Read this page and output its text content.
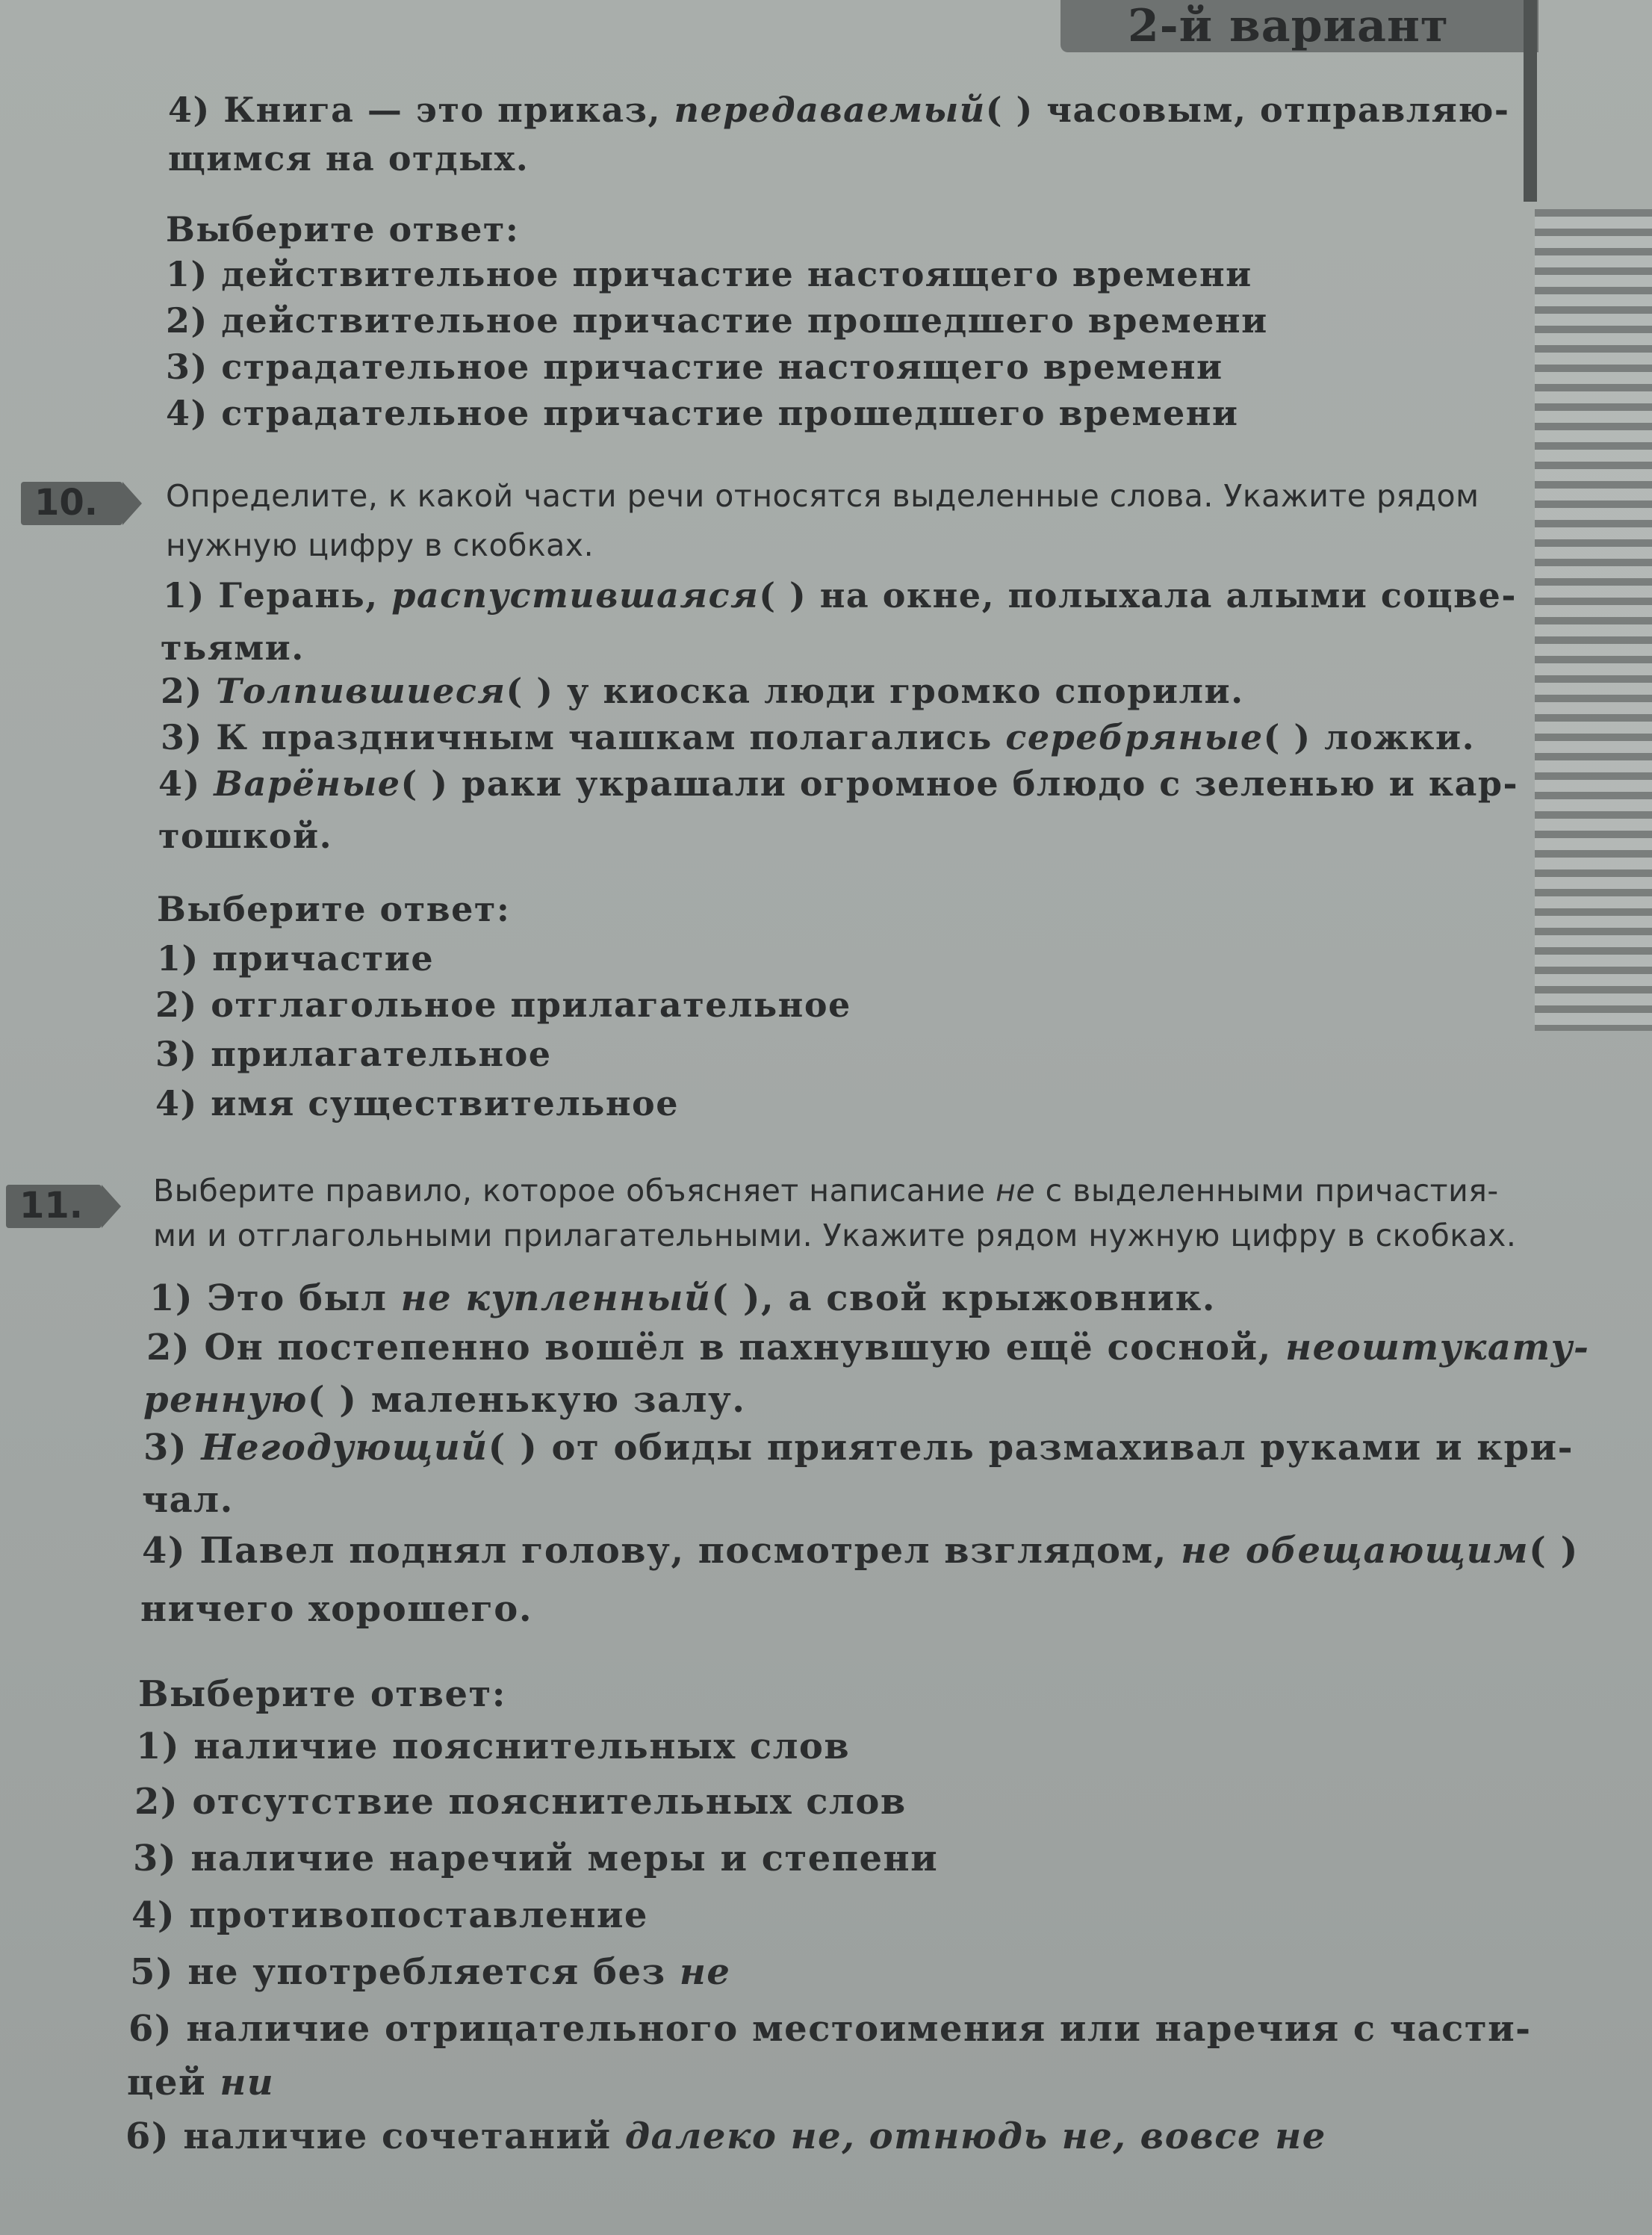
2-й вариант
4) Книга — это приказ, передаваемый( ) часовым, отправляю-
щимся на отдых.
Выберите ответ:
1) действительное причастие настоящего времени
2) действительное причастие прошедшего времени
3) страдательное причастие настоящего времени
4) страдательное причастие прошедшего времени
10. Определите, к какой части речи относятся выделенные слова. Укажите рядом
нужную цифру в скобках.
1) Герань, распустившаяся( ) на окне, полыхала алыми соцве-
тьями.
2) Толпившиеся( ) у киоска люди громко спорили.
3) К праздничным чашкам полагались серебряные( ) ложки.
4) Варёные( ) раки украшали огромное блюдо с зеленью и кар-
тошкой.
Выберите ответ:
1) причастие
2) отглагольное прилагательное
3) прилагательное
4) имя существительное
11. Выберите правило, которое объясняет написание не с выделенными причастия-
ми и отглагольными прилагательными. Укажите рядом нужную цифру в скобках.
1) Это был не купленный( ), а свой крыжовник.
2) Он постепенно вошёл в пахнувшую ещё сосной, неоштукату-
ренную( ) маленькую залу.
3) Негодующий( ) от обиды приятель размахивал руками и кри-
чал.
4) Павел поднял голову, посмотрел взглядом, не обещающим( )
ничего хорошего.
Выберите ответ:
1) наличие пояснительных слов
2) отсутствие пояснительных слов
3) наличие наречий меры и степени
4) противопоставление
5) не употребляется без не
6) наличие отрицательного местоимения или наречия с части-
цей ни
6) наличие сочетаний далеко не, отнюдь не, вовсе не
